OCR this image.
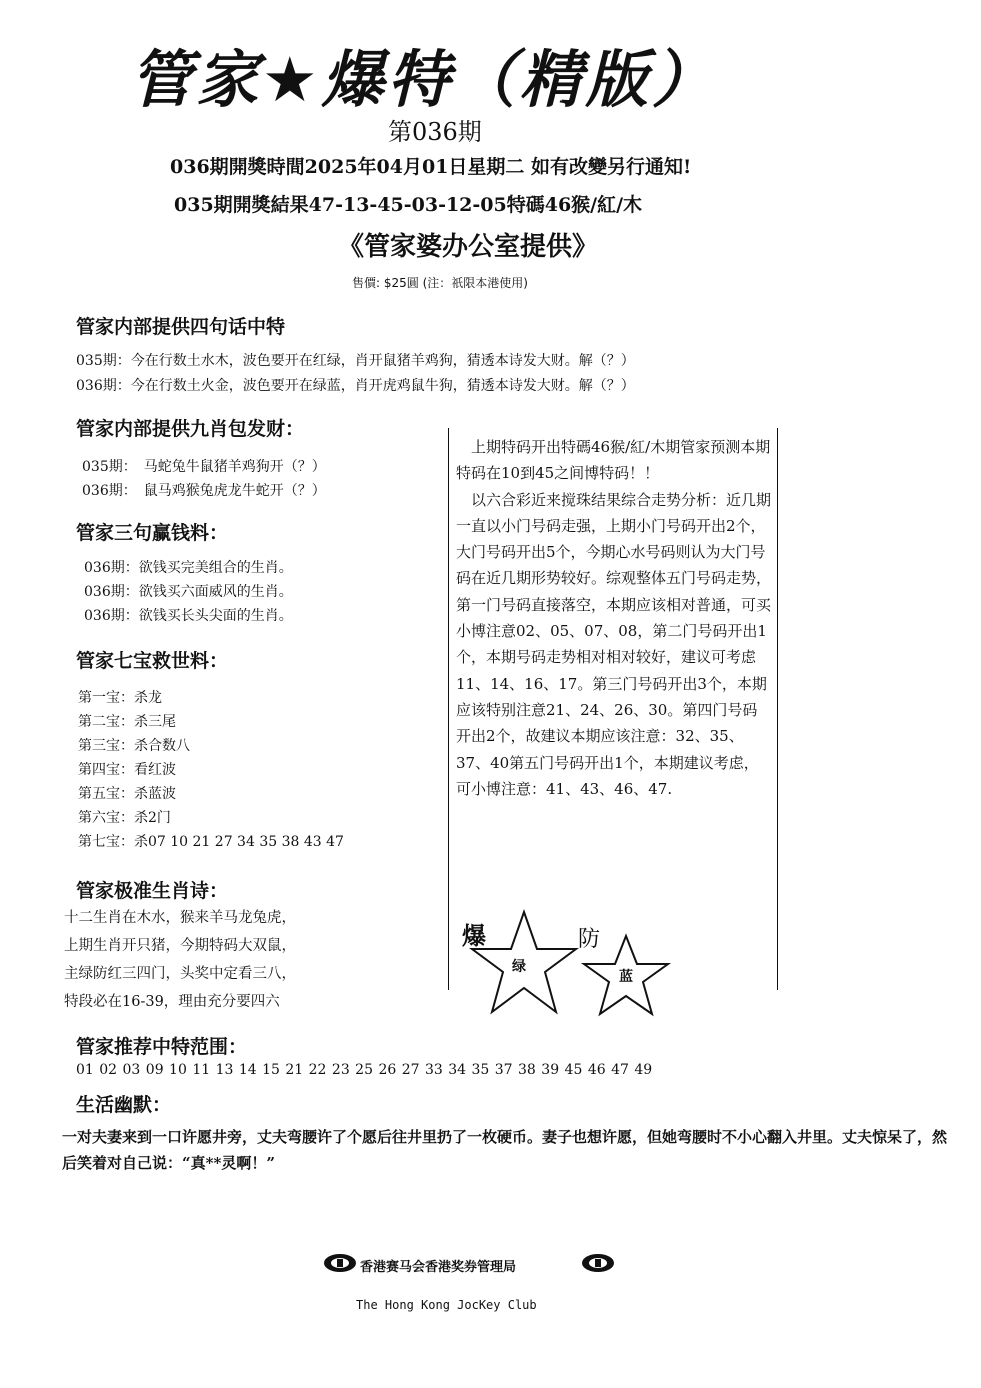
管家★爆特（精版）
第036期
036期開獎時間2025年04月01日星期二 如有改變另行通知!
035期開獎結果47-13-45-03-12-05特碼46猴/紅/木
《管家婆办公室提供》
售價: $25圓 (注：祇限本港使用)
管家内部提供四句话中特
035期：今在行数土水木，波色要开在红绿，肖开鼠猪羊鸡狗，猜透本诗发大财。解（？）
036期：今在行数土火金，波色要开在绿蓝，肖开虎鸡鼠牛狗，猜透本诗发大财。解（？）
管家内部提供九肖包发财：
035期：　马蛇兔牛鼠猪羊鸡狗开（？）
036期：　鼠马鸡猴兔虎龙牛蛇开（？）
管家三句赢钱料：
036期：欲钱买完美组合的生肖。
036期：欲钱买六面威风的生肖。
036期：欲钱买长头尖面的生肖。
管家七宝救世料：
第一宝：杀龙
第二宝：杀三尾
第三宝：杀合数八
第四宝：看红波
第五宝：杀蓝波
第六宝：杀2门
第七宝：杀07 10 21 27 34 35 38 43 47
管家极准生肖诗：
十二生肖在木水，猴来羊马龙兔虎，
上期生肖开只猪，今期特码大双鼠，
主绿防红三四门，头奖中定看三八，
特段必在16-39，理由充分要四六

　上期特码开出特碼46猴/紅/木期管家预测本期特码在10到45之间博特码！！

　以六合彩近来搅珠结果综合走势分析：近几期一直以小门号码走强，上期小门号码开出2个，大门号码开出5个，今期心水号码则认为大门号码在近几期形势较好。综观整体五门号码走势，第一门号码直接落空，本期应该相对普通，可买小博注意02、05、07、08，第二门号码开出1个，本期号码走势相对相对较好，建议可考虑11、14、16、17。第三门号码开出3个，本期应该特别注意21、24、26、30。第四门号码开出2个，故建议本期应该注意：32、35、37、40第五门号码开出1个，本期建议考虑，可小博注意：41、43、46、47.

爆
绿
防
蓝
管家推荐中特范围：
01 02 03 09 10 11 13 14 15 21 22 23 25 26 27 33 34 35 37 38 39 45 46 47 49
生活幽默：
一对夫妻来到一口许愿井旁，丈夫弯腰许了个愿后往井里扔了一枚硬币。妻子也想许愿，但她弯腰时不小心翻入井里。丈夫惊呆了，然后笑着对自己说：“真**灵啊！”
香港赛马会香港奖券管理局
The Hong Kong JocKey Club
